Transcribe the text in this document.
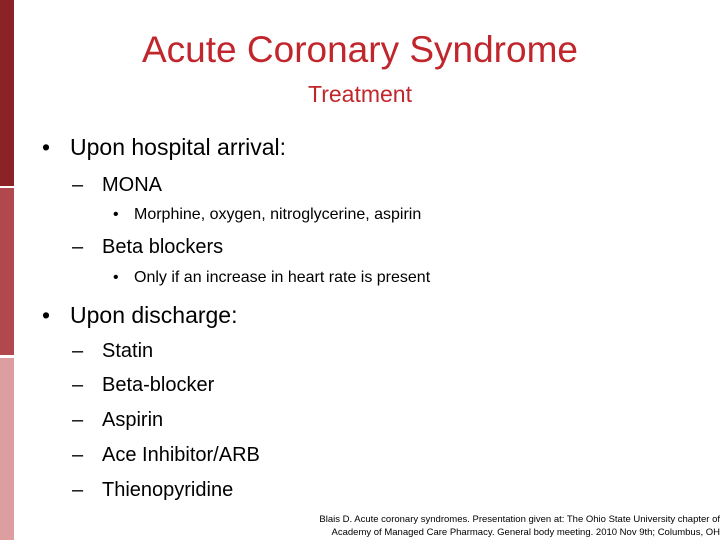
Acute Coronary Syndrome
Treatment
• Upon hospital arrival:
– MONA
• Morphine, oxygen, nitroglycerine, aspirin
– Beta blockers
• Only if an increase in heart rate is present
• Upon discharge:
– Statin
– Beta-blocker
– Aspirin
– Ace Inhibitor/ARB
– Thienopyridine
Blais D. Acute coronary syndromes. Presentation given at: The Ohio State University chapter of
Academy of Managed Care Pharmacy. General body meeting. 2010 Nov 9th; Columbus, OH
